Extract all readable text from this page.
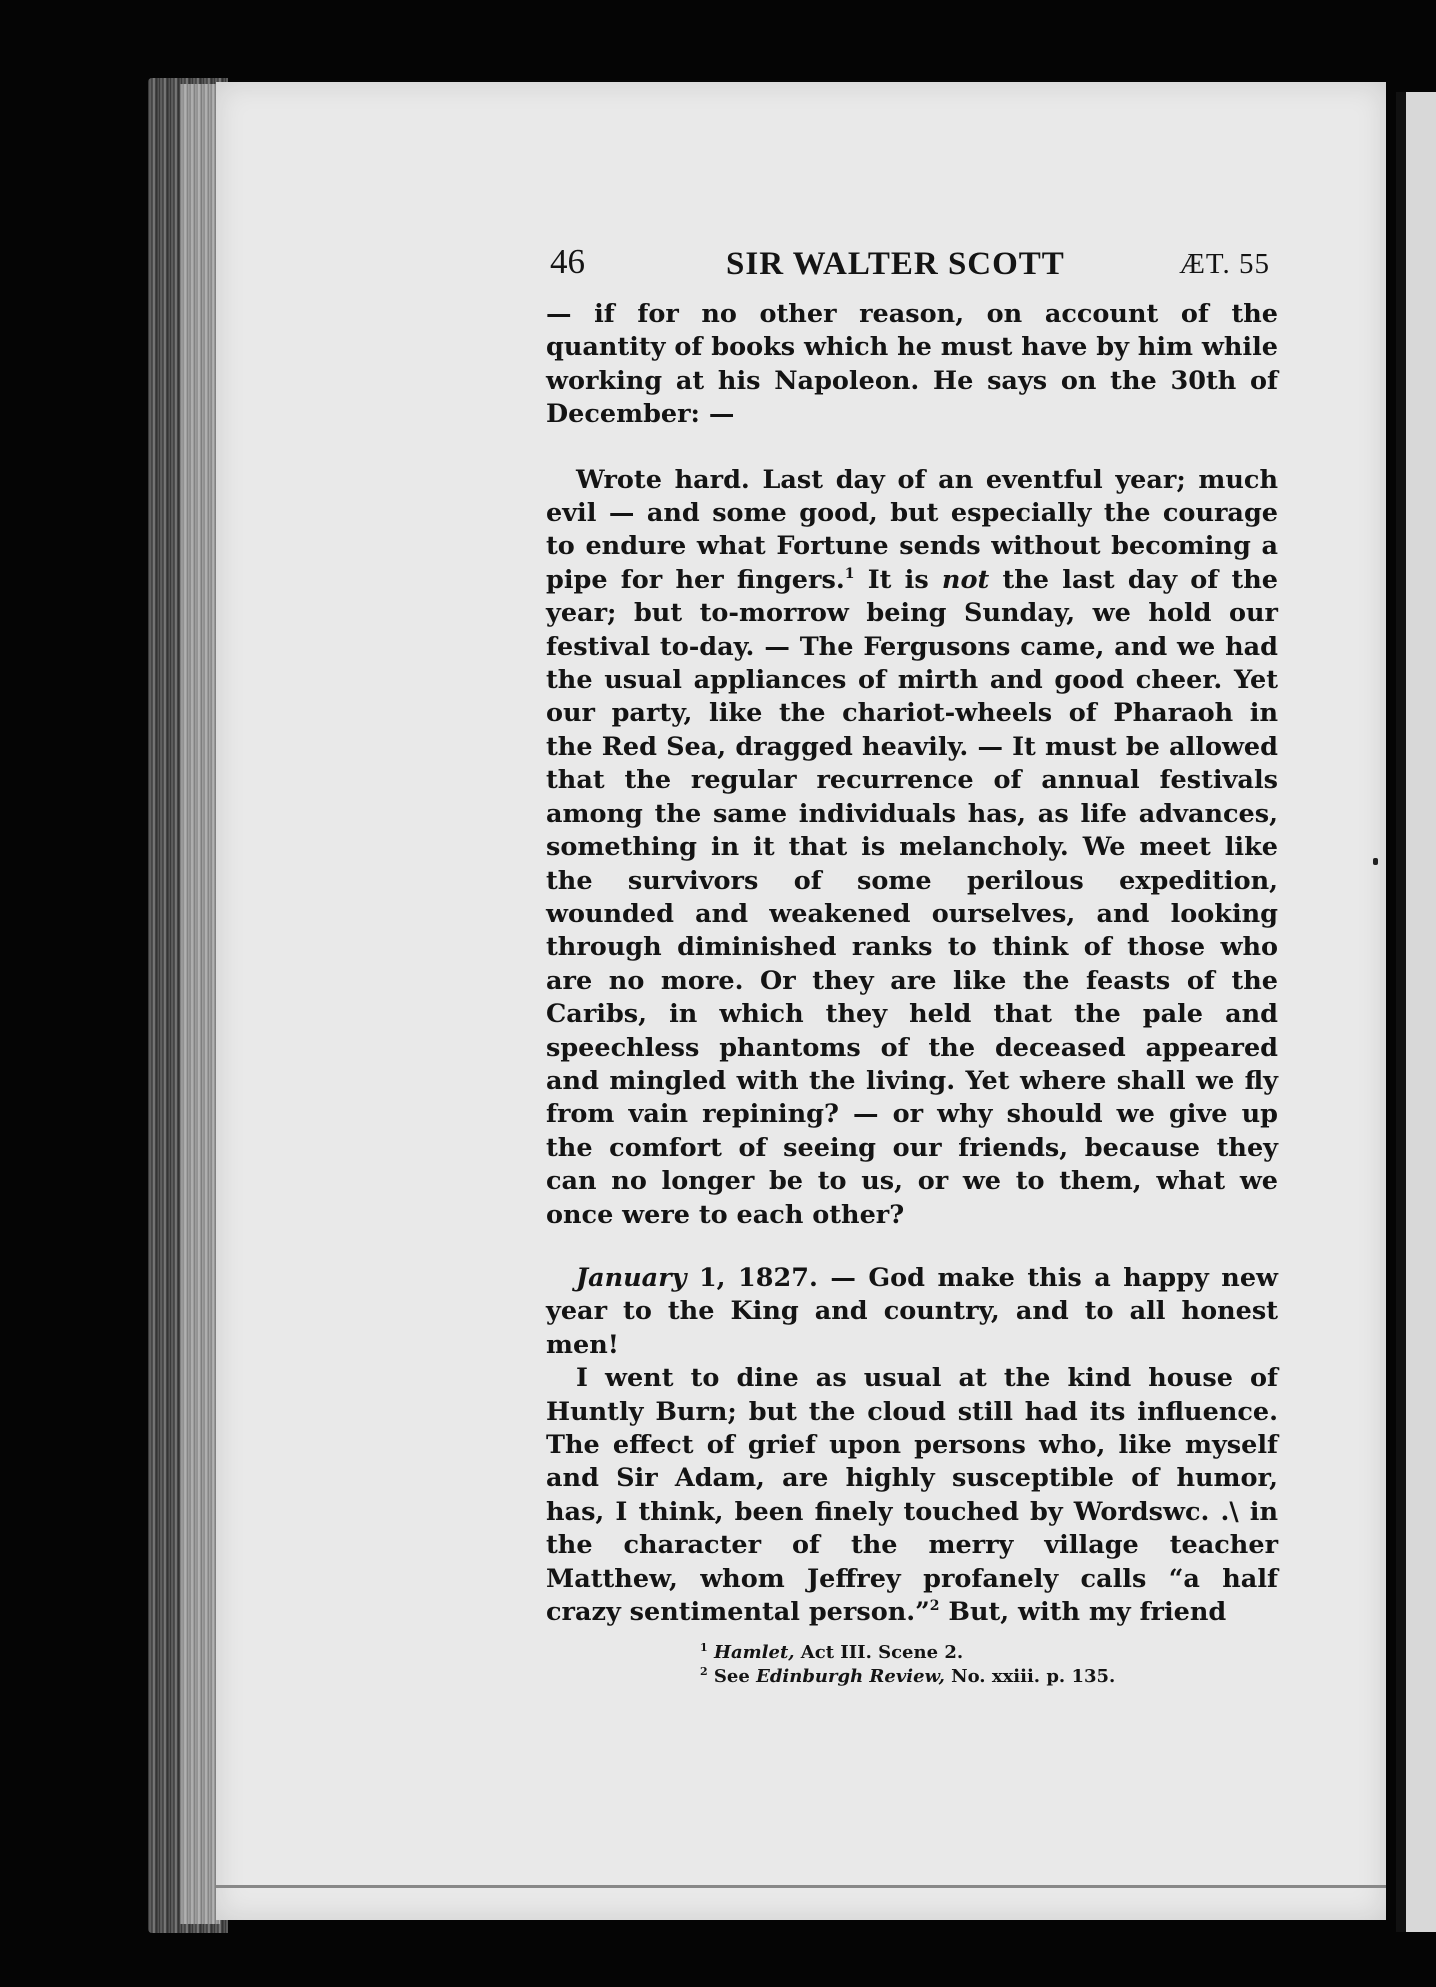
46	SIR WALTER SCOTT	ÆT. 55

— if for no other reason, on account of the quantity of books which he must have by him while working at his Napoleon. He says on the 30th of December: —

Wrote hard. Last day of an eventful year; much evil — and some good, but especially the courage to endure what Fortune sends without becoming a pipe for her fingers.$^1$ It is not the last day of the year; but to-morrow being Sunday, we hold our festival to-day. — The Fergusons came, and we had the usual appliances of mirth and good cheer. Yet our party, like the chariot-wheels of Pharaoh in the Red Sea, dragged heavily. — It must be allowed that the regular recurrence of annual festivals among the same individuals has, as life advances, something in it that is melancholy. We meet like the survivors of some perilous expedition, wounded and weakened ourselves, and looking through diminished ranks to think of those who are no more. Or they are like the feasts of the Caribs, in which they held that the pale and speechless phantoms of the deceased appeared and mingled with the living. Yet where shall we fly from vain repining? — or why should we give up the comfort of seeing our friends, because they can no longer be to us, or we to them, what we once were to each other?

January 1, 1827. — God make this a happy new year to the King and country, and to all honest men!

I went to dine as usual at the kind house of Huntly Burn; but the cloud still had its influence. The effect of grief upon persons who, like myself and Sir Adam, are highly susceptible of humor, has, I think, been finely touched by Wordswc. .\ in the character of the merry village teacher Matthew, whom Jeffrey profanely calls “a half crazy sentimental person.”$^2$ But, with my friend

$^1$ Hamlet, Act III. Scene 2.
$^2$ See Edinburgh Review, No. xxiii. p. 135.
